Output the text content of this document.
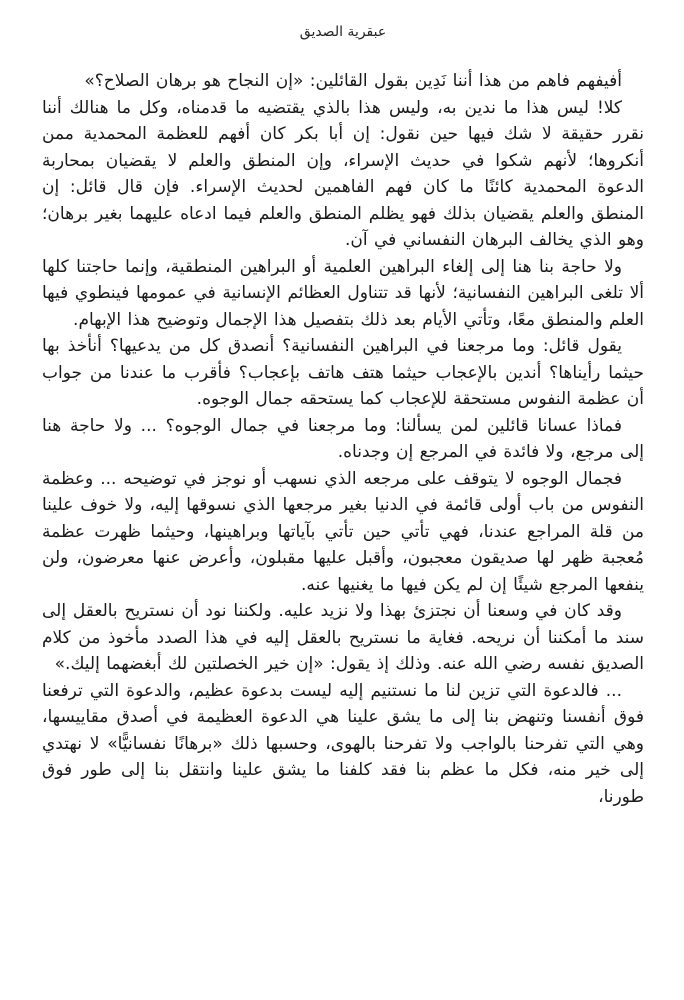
عبقرية الصديق

أفيفهم فاهم من هذا أننا نَدِين بقول القائلين: «إن النجاح هو برهان الصلاح؟»

كلا! ليس هذا ما ندين به، وليس هذا بالذي يقتضيه ما قدمناه، وكل ما هنالك أننا نقرر حقيقة لا شك فيها حين نقول: إن أبا بكر كان أفهم للعظمة المحمدية ممن أنكروها؛ لأنهم شكوا في حديث الإسراء، وإن المنطق والعلم لا يقضيان بمحاربة الدعوة المحمدية كائنًا ما كان فهم الفاهمين لحديث الإسراء. فإن قال قائل: إن المنطق والعلم يقضيان بذلك فهو يظلم المنطق والعلم فيما ادعاه عليهما بغير برهان؛ وهو الذي يخالف البرهان النفساني في آن.

ولا حاجة بنا هنا إلى إلغاء البراهين العلمية أو البراهين المنطقية، وإنما حاجتنا كلها ألا تلغى البراهين النفسانية؛ لأنها قد تتناول العظائم الإنسانية في عمومها فينطوي فيها العلم والمنطق معًا، وتأتي الأيام بعد ذلك بتفصيل هذا الإجمال وتوضيح هذا الإبهام.

يقول قائل: وما مرجعنا في البراهين النفسانية؟ أنصدق كل من يدعيها؟ أنأخذ بها حيثما رأيناها؟ أندين بالإعجاب حيثما هتف هاتف بإعجاب؟ فأقرب ما عندنا من جواب أن عظمة النفوس مستحقة للإعجاب كما يستحقه جمال الوجوه.

فماذا عسانا قائلين لمن يسألنا: وما مرجعنا في جمال الوجوه؟ ... ولا حاجة هنا إلى مرجع، ولا فائدة في المرجع إن وجدناه.

فجمال الوجوه لا يتوقف على مرجعه الذي نسهب أو نوجز في توضيحه ... وعظمة النفوس من باب أولى قائمة في الدنيا بغير مرجعها الذي نسوقها إليه، ولا خوف علينا من قلة المراجع عندنا، فهي تأتي حين تأتي بآياتها وبراهينها، وحيثما ظهرت عظمة مُعجبة ظهر لها صديقون معجبون، وأقبل عليها مقبلون، وأعرض عنها معرضون، ولن ينفعها المرجع شيئًا إن لم يكن فيها ما يغنيها عنه.

وقد كان في وسعنا أن نجتزئ بهذا ولا نزيد عليه. ولكننا نود أن نستريح بالعقل إلى سند ما أمكننا أن نريحه. فغاية ما نستريح بالعقل إليه في هذا الصدد مأخوذ من كلام الصديق نفسه رضي الله عنه. وذلك إذ يقول: «إن خير الخصلتين لك أبغضهما إليك.»

... فالدعوة التي تزين لنا ما نستنيم إليه ليست بدعوة عظيم، والدعوة التي ترفعنا فوق أنفسنا وتنهض بنا إلى ما يشق علينا هي الدعوة العظيمة في أصدق مقاييسها، وهي التي تفرحنا بالواجب ولا تفرحنا بالهوى، وحسبها ذلك «برهانًا نفسانيًّا» لا نهتدي إلى خير منه، فكل ما عظم بنا فقد كلفنا ما يشق علينا وانتقل بنا إلى طور فوق طورنا،
